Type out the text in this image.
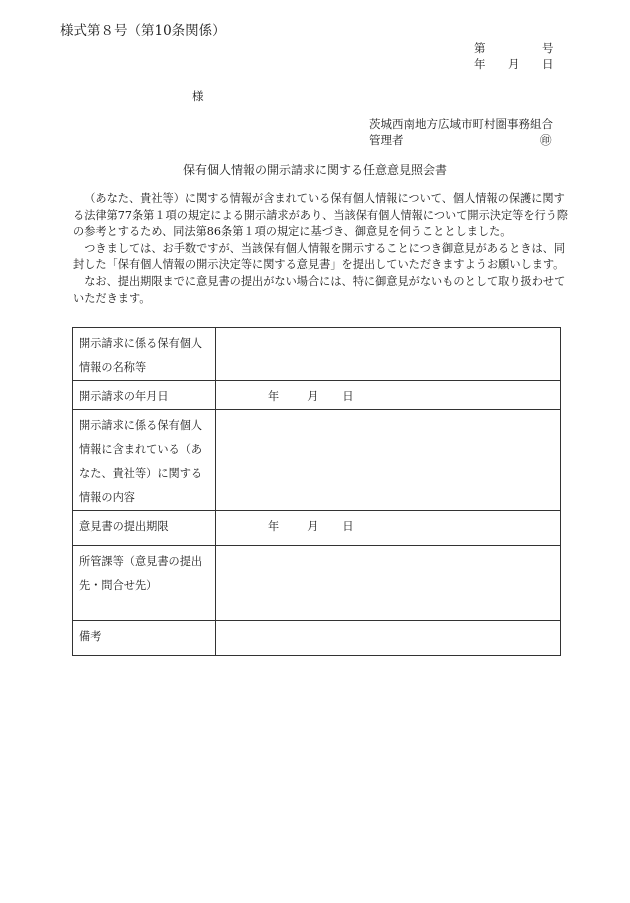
様式第８号（第10条関係）
第	号
年 月 日
様
茨城西南地方広域市町村圏事務組合
管理者	㊞
保有個人情報の開示請求に関する任意意見照会書

（あなた、貴社等）に関する情報が含まれている保有個人情報について、個人情報の保護に関する法律第77条第１項の規定による開示請求があり、当該保有個人情報について開示決定等を行う際の参考とするため、同法第86条第１項の規定に基づき、御意見を伺うこととしました。

つきましては、お手数ですが、当該保有個人情報を開示することにつき御意見があるときは、同封した「保有個人情報の開示決定等に関する意見書」を提出していただきますようお願いします。

なお、提出期限までに意見書の提出がない場合には、特に御意見がないものとして取り扱わせていただきます。

開示請求に係る保有個人情報の名称等	
開示請求の年月日	年 月 日
開示請求に係る保有個人情報に含まれている（あなた、貴社等）に関する情報の内容	
意見書の提出期限	年 月 日
所管課等（意見書の提出先・問合せ先）	
備考	
